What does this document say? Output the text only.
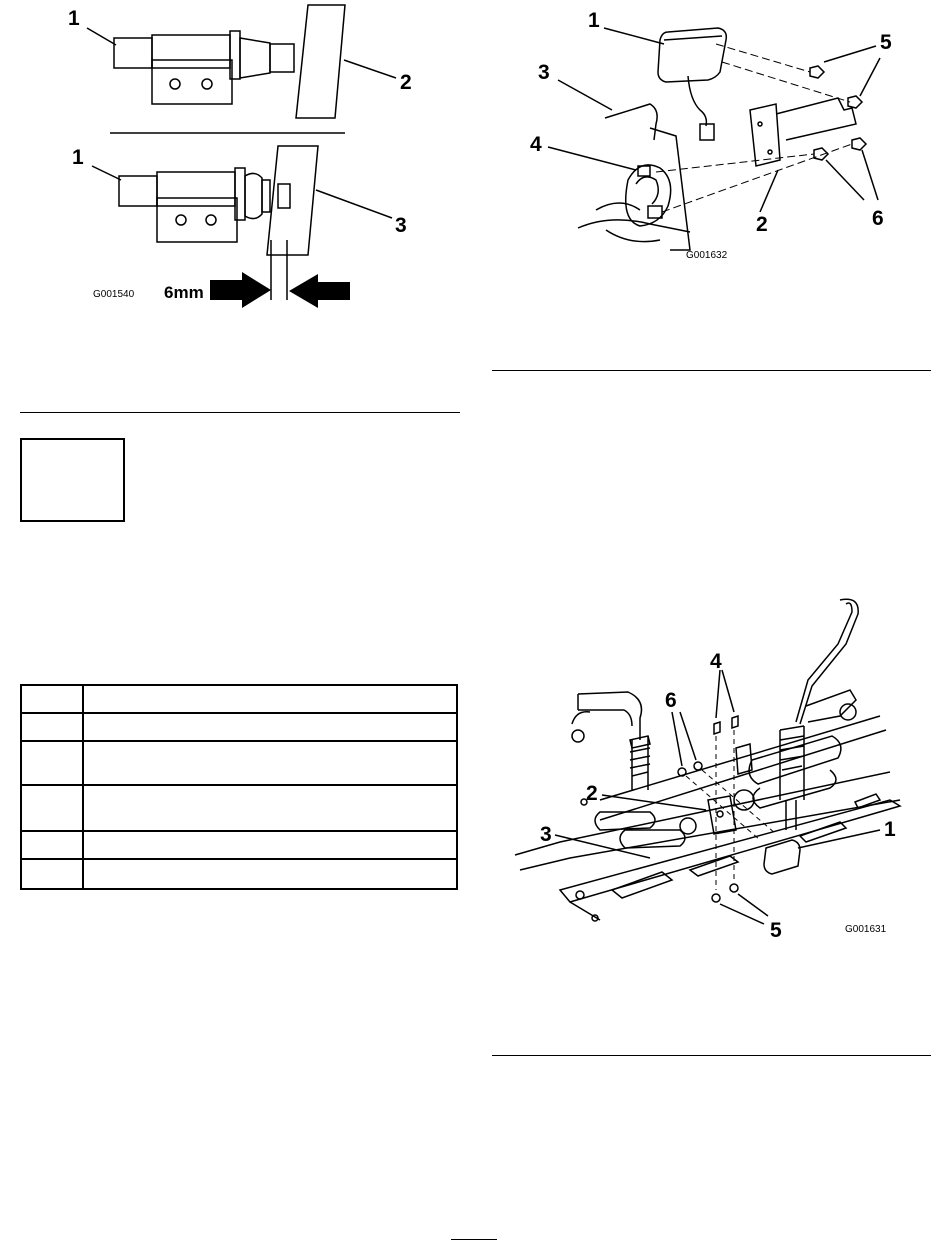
1
2
1
3
6mm
G001540
1
3
4
2
5
6
G001632

4
6
2
3	1
5	G001631
